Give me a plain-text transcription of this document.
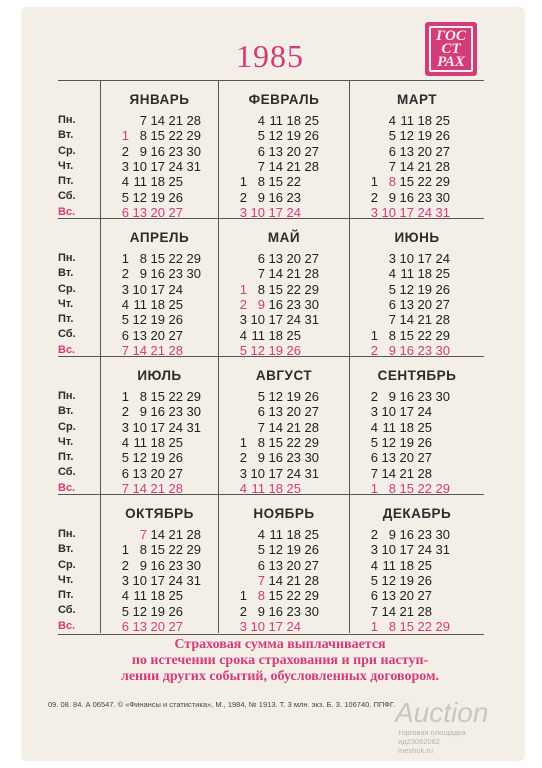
1985
ГОС
СТ
РАХ
Пн.
Вт.
Ср.
Чт.
Пт.
Сб.
Вс.
ЯНВАРЬ
7 14 21 28
1 8 15 22 29
2 9 16 23 30
3 10 17 24 31
4 11 18 25
5 12 19 26
6 13 20 27
ФЕВРАЛЬ
4 11 18 25
5 12 19 26
6 13 20 27
7 14 21 28
1 8 15 22
2 9 16 23
3 10 17 24
МАРТ
4 11 18 25
5 12 19 26
6 13 20 27
7 14 21 28
1 8 15 22 29
2 9 16 23 30
3 10 17 24 31
Пн.
Вт.
Ср.
Чт.
Пт.
Сб.
Вс.
АПРЕЛЬ
1 8 15 22 29
2 9 16 23 30
3 10 17 24
4 11 18 25
5 12 19 26
6 13 20 27
7 14 21 28
МАЙ
6 13 20 27
7 14 21 28
1 8 15 22 29
2 9 16 23 30
3 10 17 24 31
4 11 18 25
5 12 19 26
ИЮНЬ
3 10 17 24
4 11 18 25
5 12 19 26
6 13 20 27
7 14 21 28
1 8 15 22 29
2 9 16 23 30
Пн.
Вт.
Ср.
Чт.
Пт.
Сб.
Вс.
ИЮЛЬ
1 8 15 22 29
2 9 16 23 30
3 10 17 24 31
4 11 18 25
5 12 19 26
6 13 20 27
7 14 21 28
АВГУСТ
5 12 19 26
6 13 20 27
7 14 21 28
1 8 15 22 29
2 9 16 23 30
3 10 17 24 31
4 11 18 25
СЕНТЯБРЬ
2 9 16 23 30
3 10 17 24
4 11 18 25
5 12 19 26
6 13 20 27
7 14 21 28
1 8 15 22 29
Пн.
Вт.
Ср.
Чт.
Пт.
Сб.
Вс.
ОКТЯБРЬ
7 14 21 28
1 8 15 22 29
2 9 16 23 30
3 10 17 24 31
4 11 18 25
5 12 19 26
6 13 20 27
НОЯБРЬ
4 11 18 25
5 12 19 26
6 13 20 27
7 14 21 28
1 8 15 22 29
2 9 16 23 30
3 10 17 24
ДЕКАБРЬ
2 9 16 23 30
3 10 17 24 31
4 11 18 25
5 12 19 26
6 13 20 27
7 14 21 28
1 8 15 22 29
Страховая сумма выплачивается
по истечении срока страхования и при наступ-
лении других событий, обусловленных договором.
09. 08. 84. А 06547. © «Финансы и статистика», М., 1984, № 1913. Т. 3 млн. экз. Б. З. 106740. ППФГ. Auction
торговая площадка
ид23062082
meshok.ru
